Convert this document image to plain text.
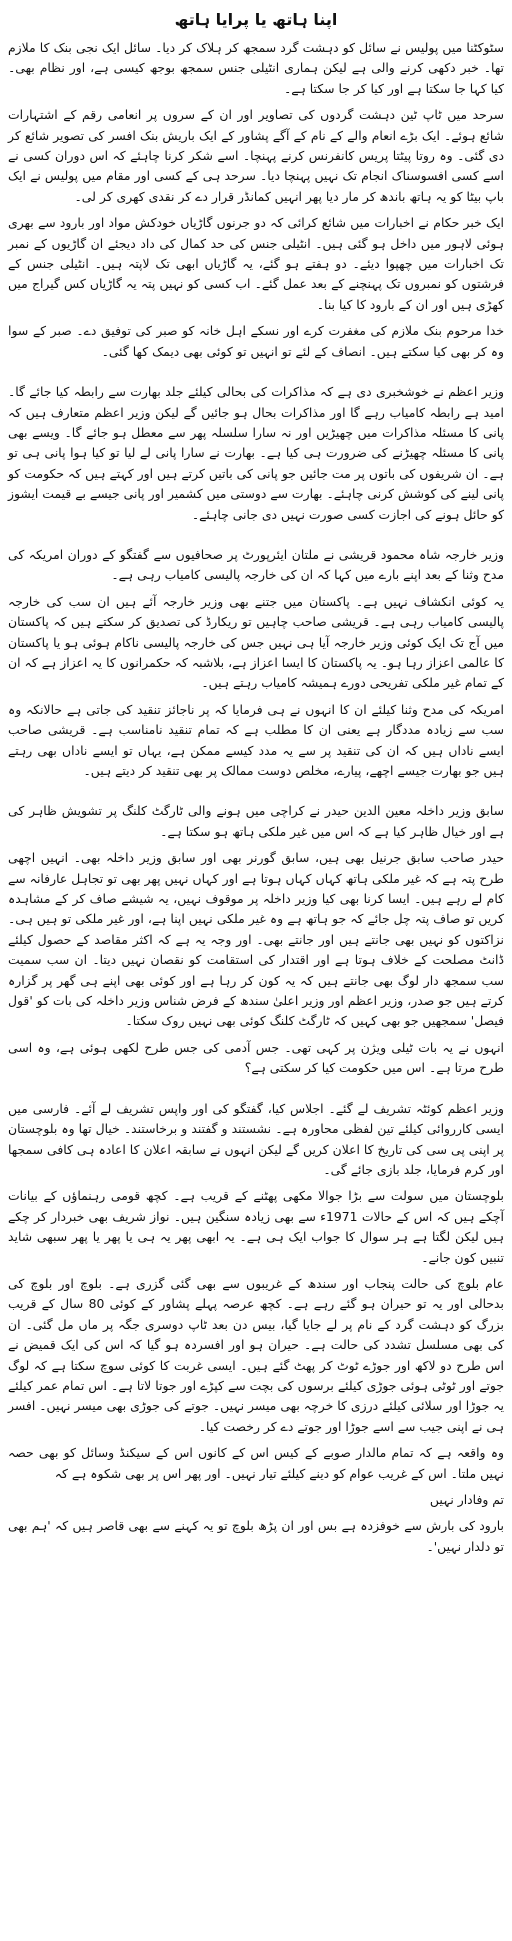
اپنا ہاتھ یا پرایا ہاتھ

سٹوکٹنا میں پولیس نے سائل کو دہشت گرد سمجھ کر ہلاک کر دیا۔ سائل ایک نجی بنک کا ملازم تھا۔ خبر دکھی کرنے والی ہے لیکن ہماری انٹیلی جنس سمجھ بوجھ کیسی ہے، اور نظام بھی۔ کیا کہا جا سکتا ہے اور کیا کر جا سکتا ہے۔

سرحد میں ٹاپ ٹین دہشت گردوں کی تصاویر اور ان کے سروں پر انعامی رقم کے اشتہارات شائع ہوئے۔ ایک بڑے انعام والے کے نام کے آگے پشاور کے ایک باریش بنک افسر کی تصویر شائع کر دی گئی۔ وہ روتا پیٹتا پریس کانفرنس کرنے پہنچا۔ اسے شکر کرنا چاہئے کہ اس دوران کسی نے اسے کسی افسوسناک انجام تک نہیں پہنچا دیا۔ سرحد ہی کے کسی اور مقام میں پولیس نے ایک باپ بیٹا کو یہ ہاتھ باندھ کر مار دیا پھر انہیں کمانڈر قرار دے کر نقدی کھری کر لی۔

ایک خبر حکام نے اخبارات میں شائع کرائی کہ دو جرنوں گاڑیاں خودکش مواد اور بارود سے بھری ہوئی لاہور میں داخل ہو گئی ہیں۔ انٹیلی جنس کی حد کمال کی داد دیجئے ان گاڑیوں کے نمبر تک اخبارات میں چھپوا دیئے۔ دو ہفتے ہو گئے، یہ گاڑیاں ابھی تک لاپتہ ہیں۔ انٹیلی جنس کے فرشتوں کو نمبروں تک پہنچنے کے بعد عمل گئے۔ اب کسی کو نہیں پتہ یہ گاڑیاں کس گیراج میں کھڑی ہیں اور ان کے بارود کا کیا بنا۔

خدا مرحوم بنک ملازم کی مغفرت کرے اور نسکے اہل خانہ کو صبر کی توفیق دے۔ صبر کے سوا وہ کر بھی کیا سکتے ہیں۔ انصاف کے لئے تو انہیں تو کوئی بھی دیمک کھا گئی۔

وزیر اعظم نے خوشخبری دی ہے کہ مذاکرات کی بحالی کیلئے جلد بھارت سے رابطہ کیا جائے گا۔ امید ہے رابطہ کامیاب رہے گا اور مذاکرات بحال ہو جائیں گے لیکن وزیر اعظم متعارف ہیں کہ پانی کا مسئلہ مذاکرات میں چھیڑیں اور نہ سارا سلسلہ پھر سے معطل ہو جائے گا۔ ویسے بھی پانی کا مسئلہ چھیڑنے کی ضرورت ہی کیا ہے۔ بھارت نے سارا پانی لے لیا تو کیا ہوا پانی ہی تو ہے۔ ان شریفوں کی باتوں پر مت جائیں جو پانی کی باتیں کرتے ہیں اور کہتے ہیں کہ حکومت کو پانی لینے کی کوشش کرنی چاہئے۔ بھارت سے دوستی میں کشمیر اور پانی جیسے بے قیمت ایشوز کو حائل ہونے کی اجازت کسی صورت نہیں دی جانی چاہئے۔

وزیر خارجہ شاہ محمود قریشی نے ملتان ایئرپورٹ پر صحافیوں سے گفتگو کے دوران امریکہ کی مدح وثنا کے بعد اپنے بارے میں کہا کہ ان کی خارجہ پالیسی کامیاب رہی ہے۔

یہ کوئی انکشاف نہیں ہے۔ پاکستان میں جتنے بھی وزیر خارجہ آئے ہیں ان سب کی خارجہ پالیسی کامیاب رہی ہے۔ قریشی صاحب چاہیں تو ریکارڈ کی تصدیق کر سکتے ہیں کہ پاکستان میں آج تک ایک کوئی وزیر خارجہ آیا ہی نہیں جس کی خارجہ پالیسی ناکام ہوئی ہو یا پاکستان کا عالمی اعزاز رہا ہو۔ یہ پاکستان کا ایسا اعزاز ہے، بلاشبہ کہ حکمرانوں کا یہ اعزاز ہے کہ ان کے تمام غیر ملکی تفریحی دورے ہمیشہ کامیاب رہتے ہیں۔

امریکہ کی مدح وثنا کیلئے ان کا انہوں نے ہی فرمایا کہ پر ناجائز تنقید کی جاتی ہے حالانکہ وہ سب سے زیادہ مددگار ہے یعنی ان کا مطلب ہے کہ تمام تنقید نامناسب ہے۔ قریشی صاحب ایسے ناداں ہیں کہ ان کی تنقید پر سے یہ مدد کیسے ممکن ہے، یہاں تو ایسے ناداں بھی رہتے ہیں جو بھارت جیسے اچھے، پیارے، مخلص دوست ممالک پر بھی تنقید کر دیتے ہیں۔

سابق وزیر داخلہ معین الدین حیدر نے کراچی میں ہونے والی ٹارگٹ کلنگ پر تشویش ظاہر کی ہے اور خیال ظاہر کیا ہے کہ اس میں غیر ملکی ہاتھ ہو سکتا ہے۔

حیدر صاحب سابق جرنیل بھی ہیں، سابق گورنر بھی اور سابق وزیر داخلہ بھی۔ انہیں اچھی طرح پتہ ہے کہ غیر ملکی ہاتھ کہاں کہاں ہوتا ہے اور کہاں نہیں پھر بھی تو تجاہل عارفانہ سے کام لے رہے ہیں۔ ایسا کرنا بھی کیا وزیر داخلہ پر موقوف نہیں، یہ شیشے صاف کر کے مشاہدہ کریں تو صاف پتہ چل جائے کہ جو ہاتھ ہے وہ غیر ملکی نہیں اپنا ہے، اور غیر ملکی تو ہیں ہی۔ نزاکتوں کو نہیں بھی جانتے ہیں اور جانتے بھی۔ اور وجہ یہ ہے کہ اکثر مقاصد کے حصول کیلئے ڈانٹ مصلحت کے خلاف ہوتا ہے اور اقتدار کی استقامت کو نقصان نہیں دیتا۔ ان سب سمیت سب سمجھ دار لوگ بھی جانتے ہیں کہ یہ کون کر رہا ہے اور کوئی بھی اپنے ہی گھر پر گزارہ کرتے ہیں جو صدر، وزیر اعظم اور وزیر اعلیٰ سندھ کے فرض شناس وزیر داخلہ کی بات کو 'قول فیصل' سمجھیں جو بھی کہیں کہ ٹارگٹ کلنگ کوئی بھی نہیں روک سکتا۔

انہوں نے یہ بات ٹیلی ویژن پر کہی تھی۔ جس آدمی کی جس طرح لکھی ہوئی ہے، وہ اسی طرح مرتا ہے۔ اس میں حکومت کیا کر سکتی ہے؟

وزیر اعظم کوئٹہ تشریف لے گئے۔ اجلاس کیا، گفتگو کی اور واپس تشریف لے آئے۔ فارسی میں ایسی کارروائی کیلئے تین لفظی محاورہ ہے۔ نشستند و گفتند و برخاستند۔ خیال تھا وہ بلوچستان پر اپنی پی سی کی تاریخ کا اعلان کریں گے لیکن انہوں نے سابقہ اعلان کا اعادہ ہی کافی سمجھا اور کرم فرمایا، جلد بازی جائے گی۔

بلوچستان میں سولت سے بڑا جوالا مکھی پھٹنے کے قریب ہے۔ کچھ قومی رہنماؤں کے بیانات آچکے ہیں کہ اس کے حالات 1971ء سے بھی زیادہ سنگین ہیں۔ نواز شریف بھی خبردار کر چکے ہیں لیکن لگتا ہے ہر سوال کا جواب ایک ہی ہے۔ یہ ابھی پھر یہ ہی یا پھر یا پھر سبھی شاید تنبیں کون جانے۔

عام بلوچ کی حالت پنجاب اور سندھ کے غریبوں سے بھی گئی گزری ہے۔ بلوچ اور بلوچ کی بدحالی اور یہ تو حیران ہو گئے رہے ہے۔ کچھ عرصہ پہلے پشاور کے کوئی 80 سال کے قریب بزرگ کو دہشت گرد کے نام پر لے جایا گیا، بیس دن بعد ٹاپ دوسری جگہ پر ماں مل گئی۔ ان کی بھی مسلسل تشدد کی حالت ہے۔ حیران ہو اور افسردہ ہو گیا کہ اس کی ایک قمیض نے اس طرح دو لاکھ اور جوڑے ٹوٹ کر پھٹ گئے ہیں۔ ایسی غربت کا کوئی سوچ سکتا ہے کہ لوگ جوتے اور ٹوٹی ہوئی جوڑی کیلئے برسوں کی بچت سے کپڑے اور جوتا لاتا ہے۔ اس تمام عمر کیلئے یہ جوڑا اور سلائی کیلئے درزی کا خرچہ بھی میسر نہیں۔ جوتے کی جوڑی بھی میسر نہیں۔ افسر ہی نے اپنی جیب سے اسے جوڑا اور جوتے دے کر رخصت کیا۔

وہ واقعہ ہے کہ تمام مالدار صوبے کے کیس اس کے کانوں اس کے سیکنڈ وسائل کو بھی حصہ نہیں ملتا۔ اس کے غریب عوام کو دینے کیلئے تیار نہیں۔ اور پھر اس پر بھی شکوہ ہے کہ

تم وفادار نہیں

بارود کی بارش سے خوفزدہ ہے بس اور ان پڑھ بلوچ تو یہ کہنے سے بھی قاصر ہیں کہ 'ہم بھی تو دلدار نہیں'۔
